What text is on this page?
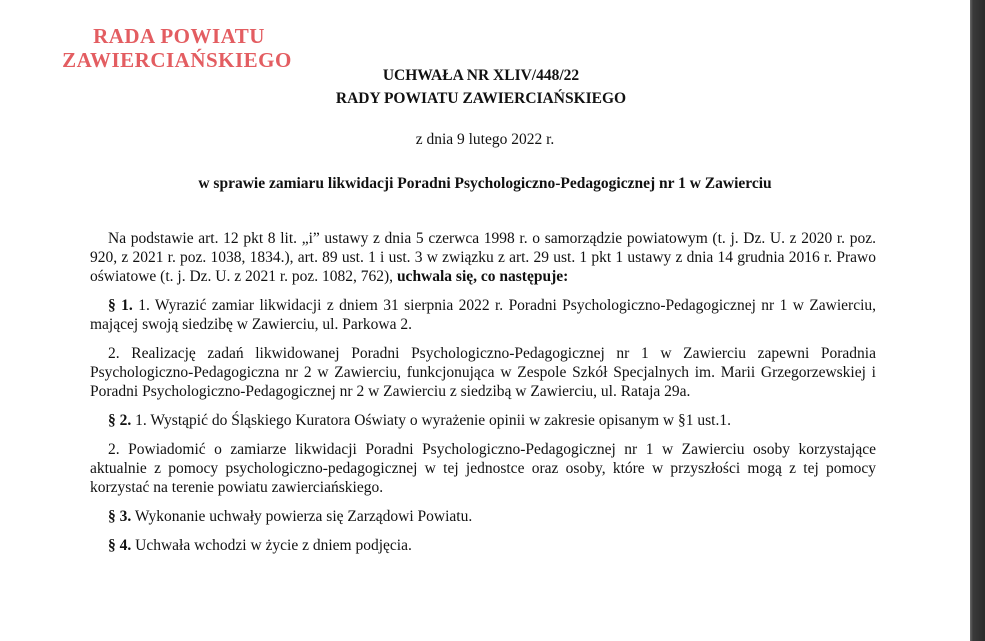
RADA POWIATU
ZAWIERCIAŃSKIEGO
UCHWAŁA NR XLIV/448/22
RADY POWIATU ZAWIERCIAŃSKIEGO
z dnia 9 lutego 2022 r.
w sprawie zamiaru likwidacji Poradni Psychologiczno-Pedagogicznej nr 1 w Zawierciu

Na podstawie art. 12 pkt 8 lit. „i” ustawy z dnia 5 czerwca 1998 r. o samorządzie powiatowym (t. j. Dz. U. z 2020 r. poz. 920, z 2021 r. poz. 1038, 1834.), art. 89 ust. 1 i ust. 3 w związku z art. 29 ust. 1 pkt 1 ustawy z dnia 14 grudnia 2016 r. Prawo oświatowe (t. j. Dz. U. z 2021 r. poz. 1082, 762), uchwala się, co następuje:

§ 1. 1. Wyrazić zamiar likwidacji z dniem 31 sierpnia 2022 r. Poradni Psychologiczno-Pedagogicznej nr 1 w Zawierciu, mającej swoją siedzibę w Zawierciu, ul. Parkowa 2.

2. Realizację zadań likwidowanej Poradni Psychologiczno-Pedagogicznej nr 1 w Zawierciu zapewni Poradnia Psychologiczno-Pedagogiczna nr 2 w Zawierciu, funkcjonująca w Zespole Szkół Specjalnych im. Marii Grzegorzewskiej i Poradni Psychologiczno-Pedagogicznej nr 2 w Zawierciu z siedzibą w Zawierciu, ul. Rataja 29a.

§ 2. 1. Wystąpić do Śląskiego Kuratora Oświaty o wyrażenie opinii w zakresie opisanym w §1 ust.1.

2. Powiadomić o zamiarze likwidacji Poradni Psychologiczno-Pedagogicznej nr 1 w Zawierciu osoby korzystające aktualnie z pomocy psychologiczno-pedagogicznej w tej jednostce oraz osoby, które w przyszłości mogą z tej pomocy korzystać na terenie powiatu zawierciańskiego.

§ 3. Wykonanie uchwały powierza się Zarządowi Powiatu.

§ 4. Uchwała wchodzi w życie z dniem podjęcia.
